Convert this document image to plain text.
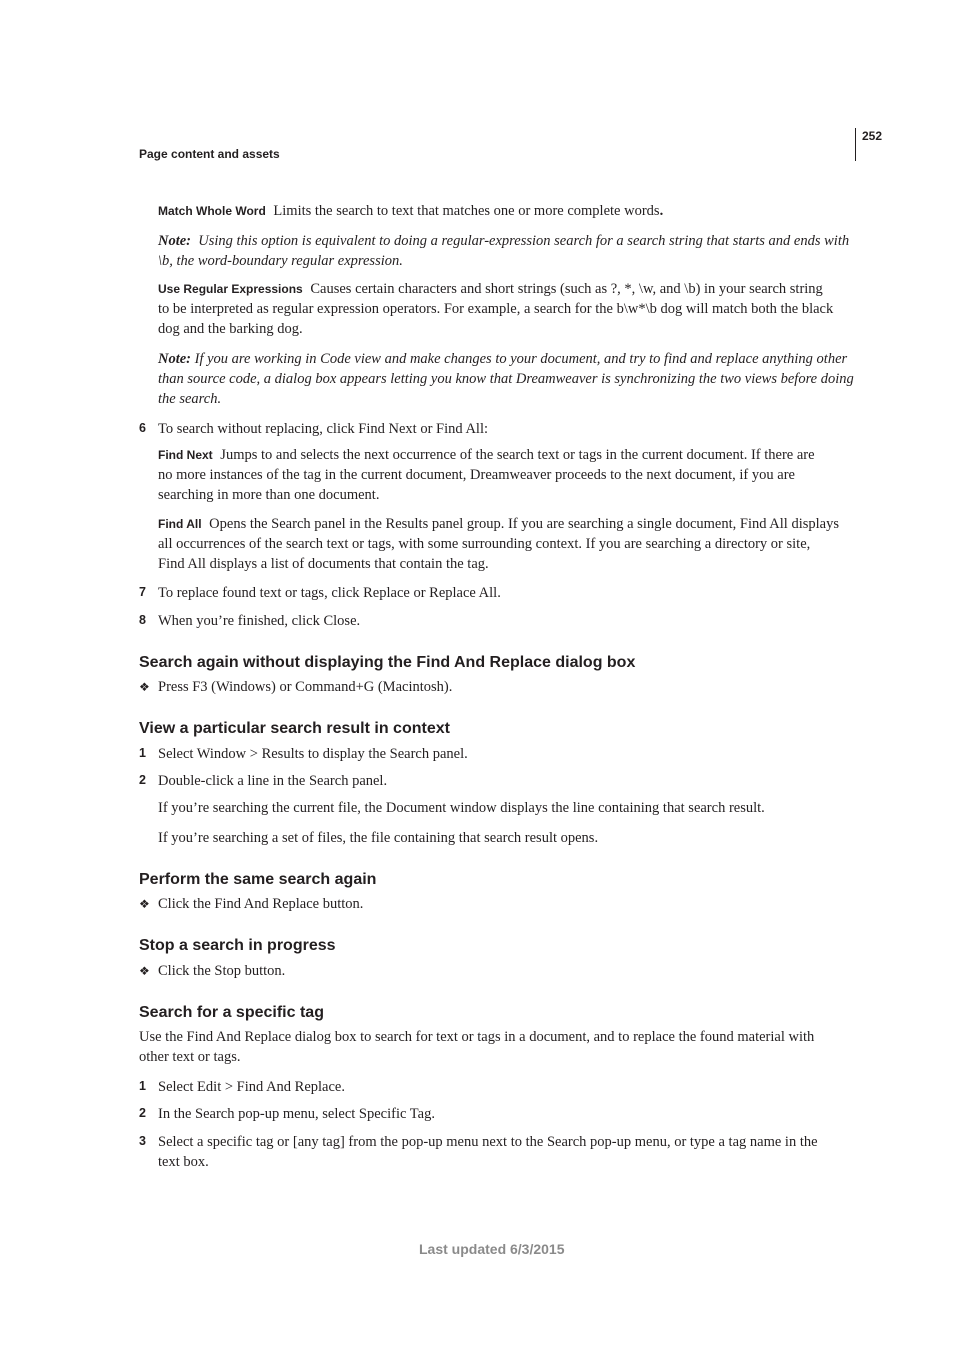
252
Page content and assets
Match Whole Word Limits the search to text that matches one or more complete words.
Note: Using this option is equivalent to doing a regular-expression search for a search string that starts and ends with
\b, the word-boundary regular expression.
Use Regular Expressions Causes certain characters and short strings (such as ?, *, \w, and \b) in your search string
to be interpreted as regular expression operators. For example, a search for the b\w*\b dog will match both the black
dog and the barking dog.
Note: If you are working in Code view and make changes to your document, and try to find and replace anything other
than source code, a dialog box appears letting you know that Dreamweaver is synchronizing the two views before doing
the search.
6 To search without replacing, click Find Next or Find All:
Find Next Jumps to and selects the next occurrence of the search text or tags in the current document. If there are
no more instances of the tag in the current document, Dreamweaver proceeds to the next document, if you are
searching in more than one document.
Find All Opens the Search panel in the Results panel group. If you are searching a single document, Find All displays
all occurrences of the search text or tags, with some surrounding context. If you are searching a directory or site,
Find All displays a list of documents that contain the tag.
7 To replace found text or tags, click Replace or Replace All.
8 When you’re finished, click Close.
Search again without displaying the Find And Replace dialog box
❖ Press F3 (Windows) or Command+G (Macintosh).
View a particular search result in context
1 Select Window > Results to display the Search panel.
2 Double-click a line in the Search panel.
If you’re searching the current file, the Document window displays the line containing that search result.
If you’re searching a set of files, the file containing that search result opens.
Perform the same search again
❖ Click the Find And Replace button.
Stop a search in progress
❖ Click the Stop button.
Search for a specific tag
Use the Find And Replace dialog box to search for text or tags in a document, and to replace the found material with
other text or tags.
1 Select Edit > Find And Replace.
2 In the Search pop-up menu, select Specific Tag.
3 Select a specific tag or [any tag] from the pop-up menu next to the Search pop-up menu, or type a tag name in the
text box.
Last updated 6/3/2015
